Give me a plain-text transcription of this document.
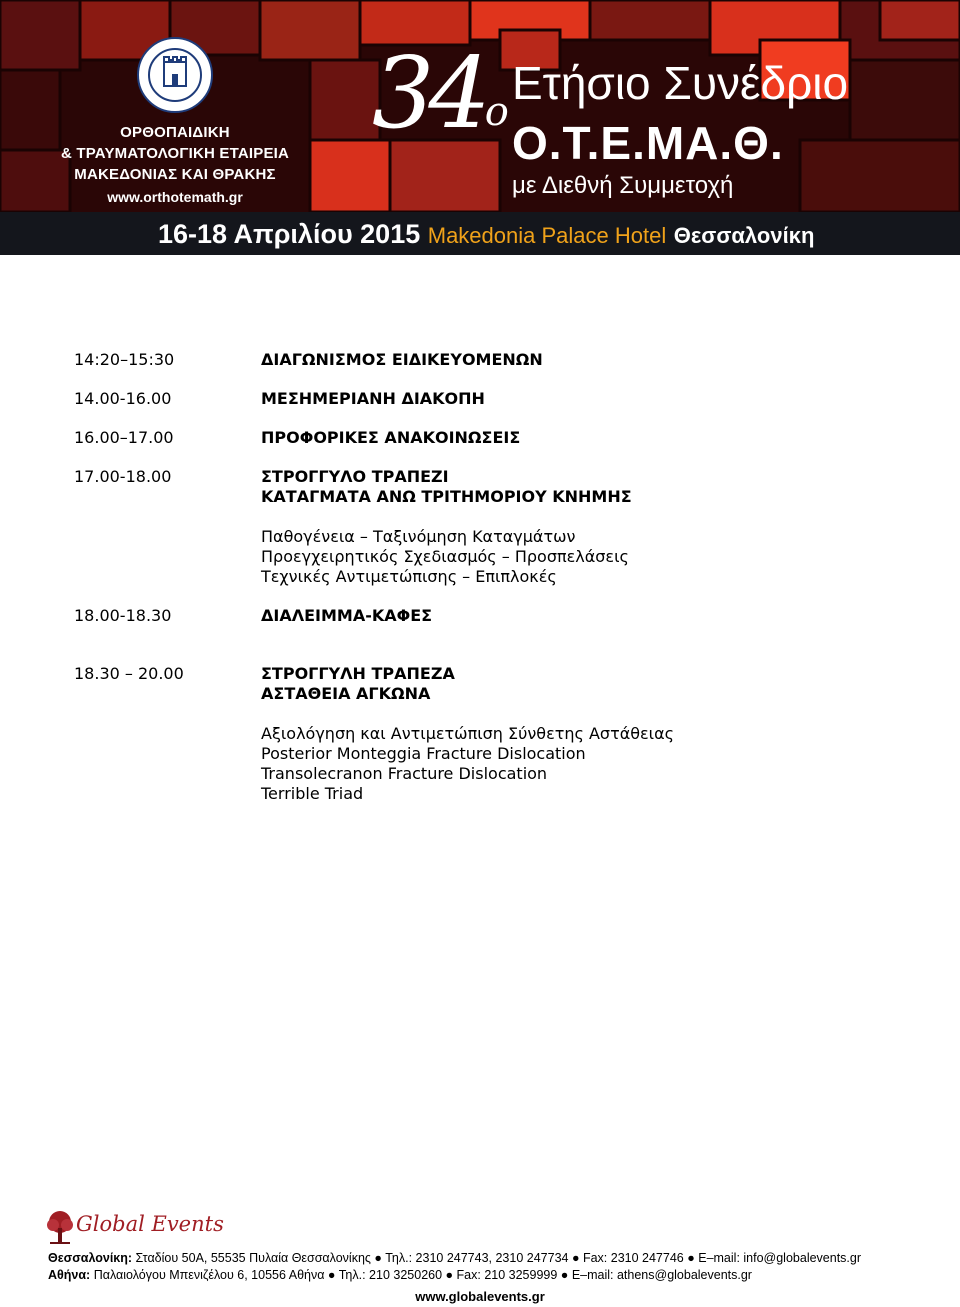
ΟΡΘΟΠΑΙΔΙΚΗ
& ΤΡΑΥΜΑΤΟΛΟΓΙΚΗ ΕΤΑΙΡΕΙΑ
ΜΑΚΕΔΟΝΙΑΣ ΚΑΙ ΘΡΑΚΗΣ
www.orthotemath.gr
$34^o$
Ετήσιο Συνέδριο
Ο.Τ.Ε.ΜΑ.Θ.
με Διεθνή Συμμετοχή
16-18 Απριλίου 2015 Makedonia Palace Hotel Θεσσαλονίκη
14:20–15:30	ΔΙΑΓΩΝΙΣΜΟΣ ΕΙΔΙΚΕΥΟΜΕΝΩΝ
14.00-16.00	ΜΕΣΗΜΕΡΙΑΝΗ ΔΙΑΚΟΠΗ
16.00–17.00	ΠΡΟΦΟΡΙΚΕΣ ΑΝΑΚΟΙΝΩΣΕΙΣ
17.00-18.00	ΣΤΡΟΓΓΥΛΟ ΤΡΑΠΕΖΙ
ΚΑΤΑΓΜΑΤΑ ΑΝΩ ΤΡΙΤΗΜΟΡΙΟΥ ΚΝΗΜΗΣ
Παθογένεια – Ταξινόμηση Καταγμάτων
Προεγχειρητικός Σχεδιασμός – Προσπελάσεις
Τεχνικές Αντιμετώπισης – Επιπλοκές
18.00-18.30	ΔΙΑΛΕΙΜΜΑ-ΚΑΦΕΣ
18.30 – 20.00	ΣΤΡΟΓΓΥΛΗ ΤΡΑΠΕΖΑ
ΑΣΤΑΘΕΙΑ ΑΓΚΩΝΑ
Αξιολόγηση και Αντιμετώπιση Σύνθετης Αστάθειας
Posterior Monteggia Fracture Dislocation
Transolecranon Fracture Dislocation
Terrible Triad
Global Events
Θεσσαλονίκη: Σταδίου 50Α, 55535 Πυλαία Θεσσαλονίκης ● Τηλ.: 2310 247743, 2310 247734 ● Fax: 2310 247746 ● E–mail: info@globalevents.gr
Αθήνα: Παλαιολόγου Μπενιζέλου 6, 10556 Αθήνα ● Τηλ.: 210 3250260 ● Fax: 210 3259999 ● E–mail: athens@globalevents.gr
www.globalevents.gr
